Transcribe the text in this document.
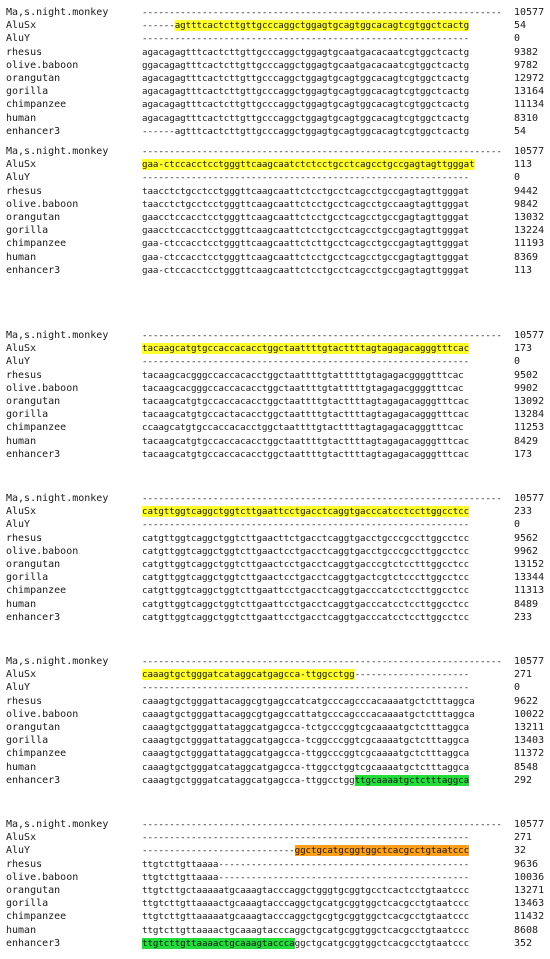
Ma,s.night.monkey	------------------------------------------------------------------ 10577
AluSx	------agtttcactcttgttgcccaggctggagtgcagtggcacagtcgtggctcactg	54
AluY	------------------------------------------------------------	0
rhesus	agacagagtttcactcttgttgcccaggctggagtgcaatgacacaatcgtggctcactg	9382
olive.baboon	ggacagagtttcactcttgttgcccaggctggagtgcaatgacacaatcgtggctcactg	9782
orangutan	agacagagtttcactcttgttgcccaggctggagtgcagtggcacagtcgtggctcactg	12972
gorilla	agacagagtttcactcttgttgcccaggctggagtgcagtggcacagtcgtggctcactg	13164
chimpanzee	agacagagtttcactcttgttgcccaggctggagtgcagtggcacagtcgtggctcactg	11134
human	agacagagtttcactcttgttgcccaggctggagtgcagtggcacagtcgtggctcactg	8310
enhancer3	------agtttcactcttgttgcccaggctggagtgcagtggcacagtcgtggctcactg	54
Ma,s.night.monkey	------------------------------------------------------------------ 10577
AluSx	gaa-ctccacctcctgggttcaagcaatctctcctgcctcagcctgccgagtagttgggat	113
AluY	------------------------------------------------------------	0
rhesus	taacctctgcctcctgggttcaagcaattctcctgcctcagcctgccgagtagttgggat	9442
olive.baboon	taacctctgcctcctgggttcaagcaattctcctgcctcagcctgccaagtagttgggat	9842
orangutan	gaacctccacctcctgggttcaagcaattctcctgcctcagcctgccgagtagttgggat	13032
gorilla	gaacctccacctcctgggttcaagcaattctcctgcctcagcctgccgagtagttgggat	13224
chimpanzee	gaa-ctccacctcctgggttcaagcaattctcttgcctcagcctgccgagtagttgggat	11193
human	gaa-ctccacctcctgggttcaagcaattctcctgcctcagcctgccgagtagttgggat	8369
enhancer3	gaa-ctccacctcctgggttcaagcaattctcctgcctcagcctgccgagtagttgggat	113
Ma,s.night.monkey	------------------------------------------------------------------ 10577
AluSx	tacaagcatgtgccaccacacctggctaattttgtacttttagtagagacagggtttcac	173
AluY	------------------------------------------------------------	0
rhesus	tacaagcacgggccaccacacctggctaattttgtatttttgtagagacggggtttcac	9502
olive.baboon	tacaagcacgggccaccacacctggctaattttgtatttttgtagagacggggtttcac	9902
orangutan	tacaagcatgtgccaccacacctggctaattttgtacttttagtagagacagggtttcac	13092
gorilla	tacaagcatgtgccactacacctggctaattttgtacttttagtagagacagggtttcac	13284
chimpanzee	ccaagcatgtgccaccacacctggctaattttgtacttttagtagagacagggtttcac	11253
human	tacaagcatgtgccaccacacctggctaattttgtacttttagtagagacagggtttcac	8429
enhancer3	tacaagcatgtgccaccacacctggctaattttgtacttttagtagagacagggtttcac	173
Ma,s.night.monkey	------------------------------------------------------------------ 10577
AluSx	catgttggtcaggctggtcttgaattcctgacctcaggtgacccatcctccttggcctcc	233
AluY	------------------------------------------------------------	0
rhesus	catgttggtcaggctggtcttgaacttctgacctcaggtgacctgcccgccttggcctcc	9562
olive.baboon	catgttggtcaggctggtcttgaactcctgacctcaggtgacctgcccgccttggcctcc	9962
orangutan	catgttggtcaggctggtcttgaactcctgacctcaggtgacccgtctcctttggcctcc	13152
gorilla	catgttggtcaggctggtcttgaactcctgacctcaggtgactcgtctcccttggcctcc	13344
chimpanzee	catgttggtcaggctggtcttgaattcctgacctcaggtgacccatcctccttggcctcc	11313
human	catgttggtcaggctggtcttgaattcctgacctcaggtgacccatcctccttggcctcc	8489
enhancer3	catgttggtcaggctggtcttgaattcctgacctcaggtgacccatcctccttggcctcc	233
Ma,s.night.monkey	------------------------------------------------------------------ 10577
AluSx	caaagtgctgggatcataggcatgagcca-ttggcctgg---------------------	271
AluY	------------------------------------------------------------	0
rhesus	caaagtgctgggattacaggcgtgagccatcatgcccagcccacaaaatgctctttaggca	9622
olive.baboon	caaagtgctgggattacaggcgtgagccattatgcccagcccacaaaatgctctttaggca	10022
orangutan	caaagtgctgggattataggcatgagcca-tctgcccggtcgcaaaatgctctttaggca	13211
gorilla	caaagtgctgggattataggcatgagcca-tcggcccggtcgcaaaatgctctttaggca	13403
chimpanzee	caaagtgctgggattataggcatgagcca-ttggcccggtcgcaaaatgctctttaggca	11372
human	caaagtgctgggatcataggcatgagcca-ttggcctggtcgcaaaatgctctttaggca	8548
enhancer3	caaagtgctgggatcataggcatgagcca-ttggcctggttgcaaaatgctctttaggca	292
Ma,s.night.monkey	------------------------------------------------------------------ 10577
AluSx	------------------------------------------------------------	271
AluY	----------------------------ggctgcatgcggtggctcacgcctgtaatccc	32
rhesus	ttgtcttgttaaaa----------------------------------------------	9636
olive.baboon	ttgtcttgttaaaa----------------------------------------------	10036
orangutan	ttgtcttgctaaaaatgcaaagtacccaggctgggtgcggtgcctcactcctgtaatccc	13271
gorilla	ttgtcttgttaaaactgcaaagtacccaggctgcatgcggtggctcacgcctgtaatccc	13463
chimpanzee	ttgtcttgttaaaaatgcaaagtacccaggctgcgtgcggtggctcacgcctgtaatccc	11432
human	ttgtcttgttaaaactgcaaagtacccaggctgcatgcggtggctcacgcctgtaatccc	8608
enhancer3	ttgtcttgttaaaactgcaaagtacccaggctgcatgcggtggctcacgcctgtaatccc	352
